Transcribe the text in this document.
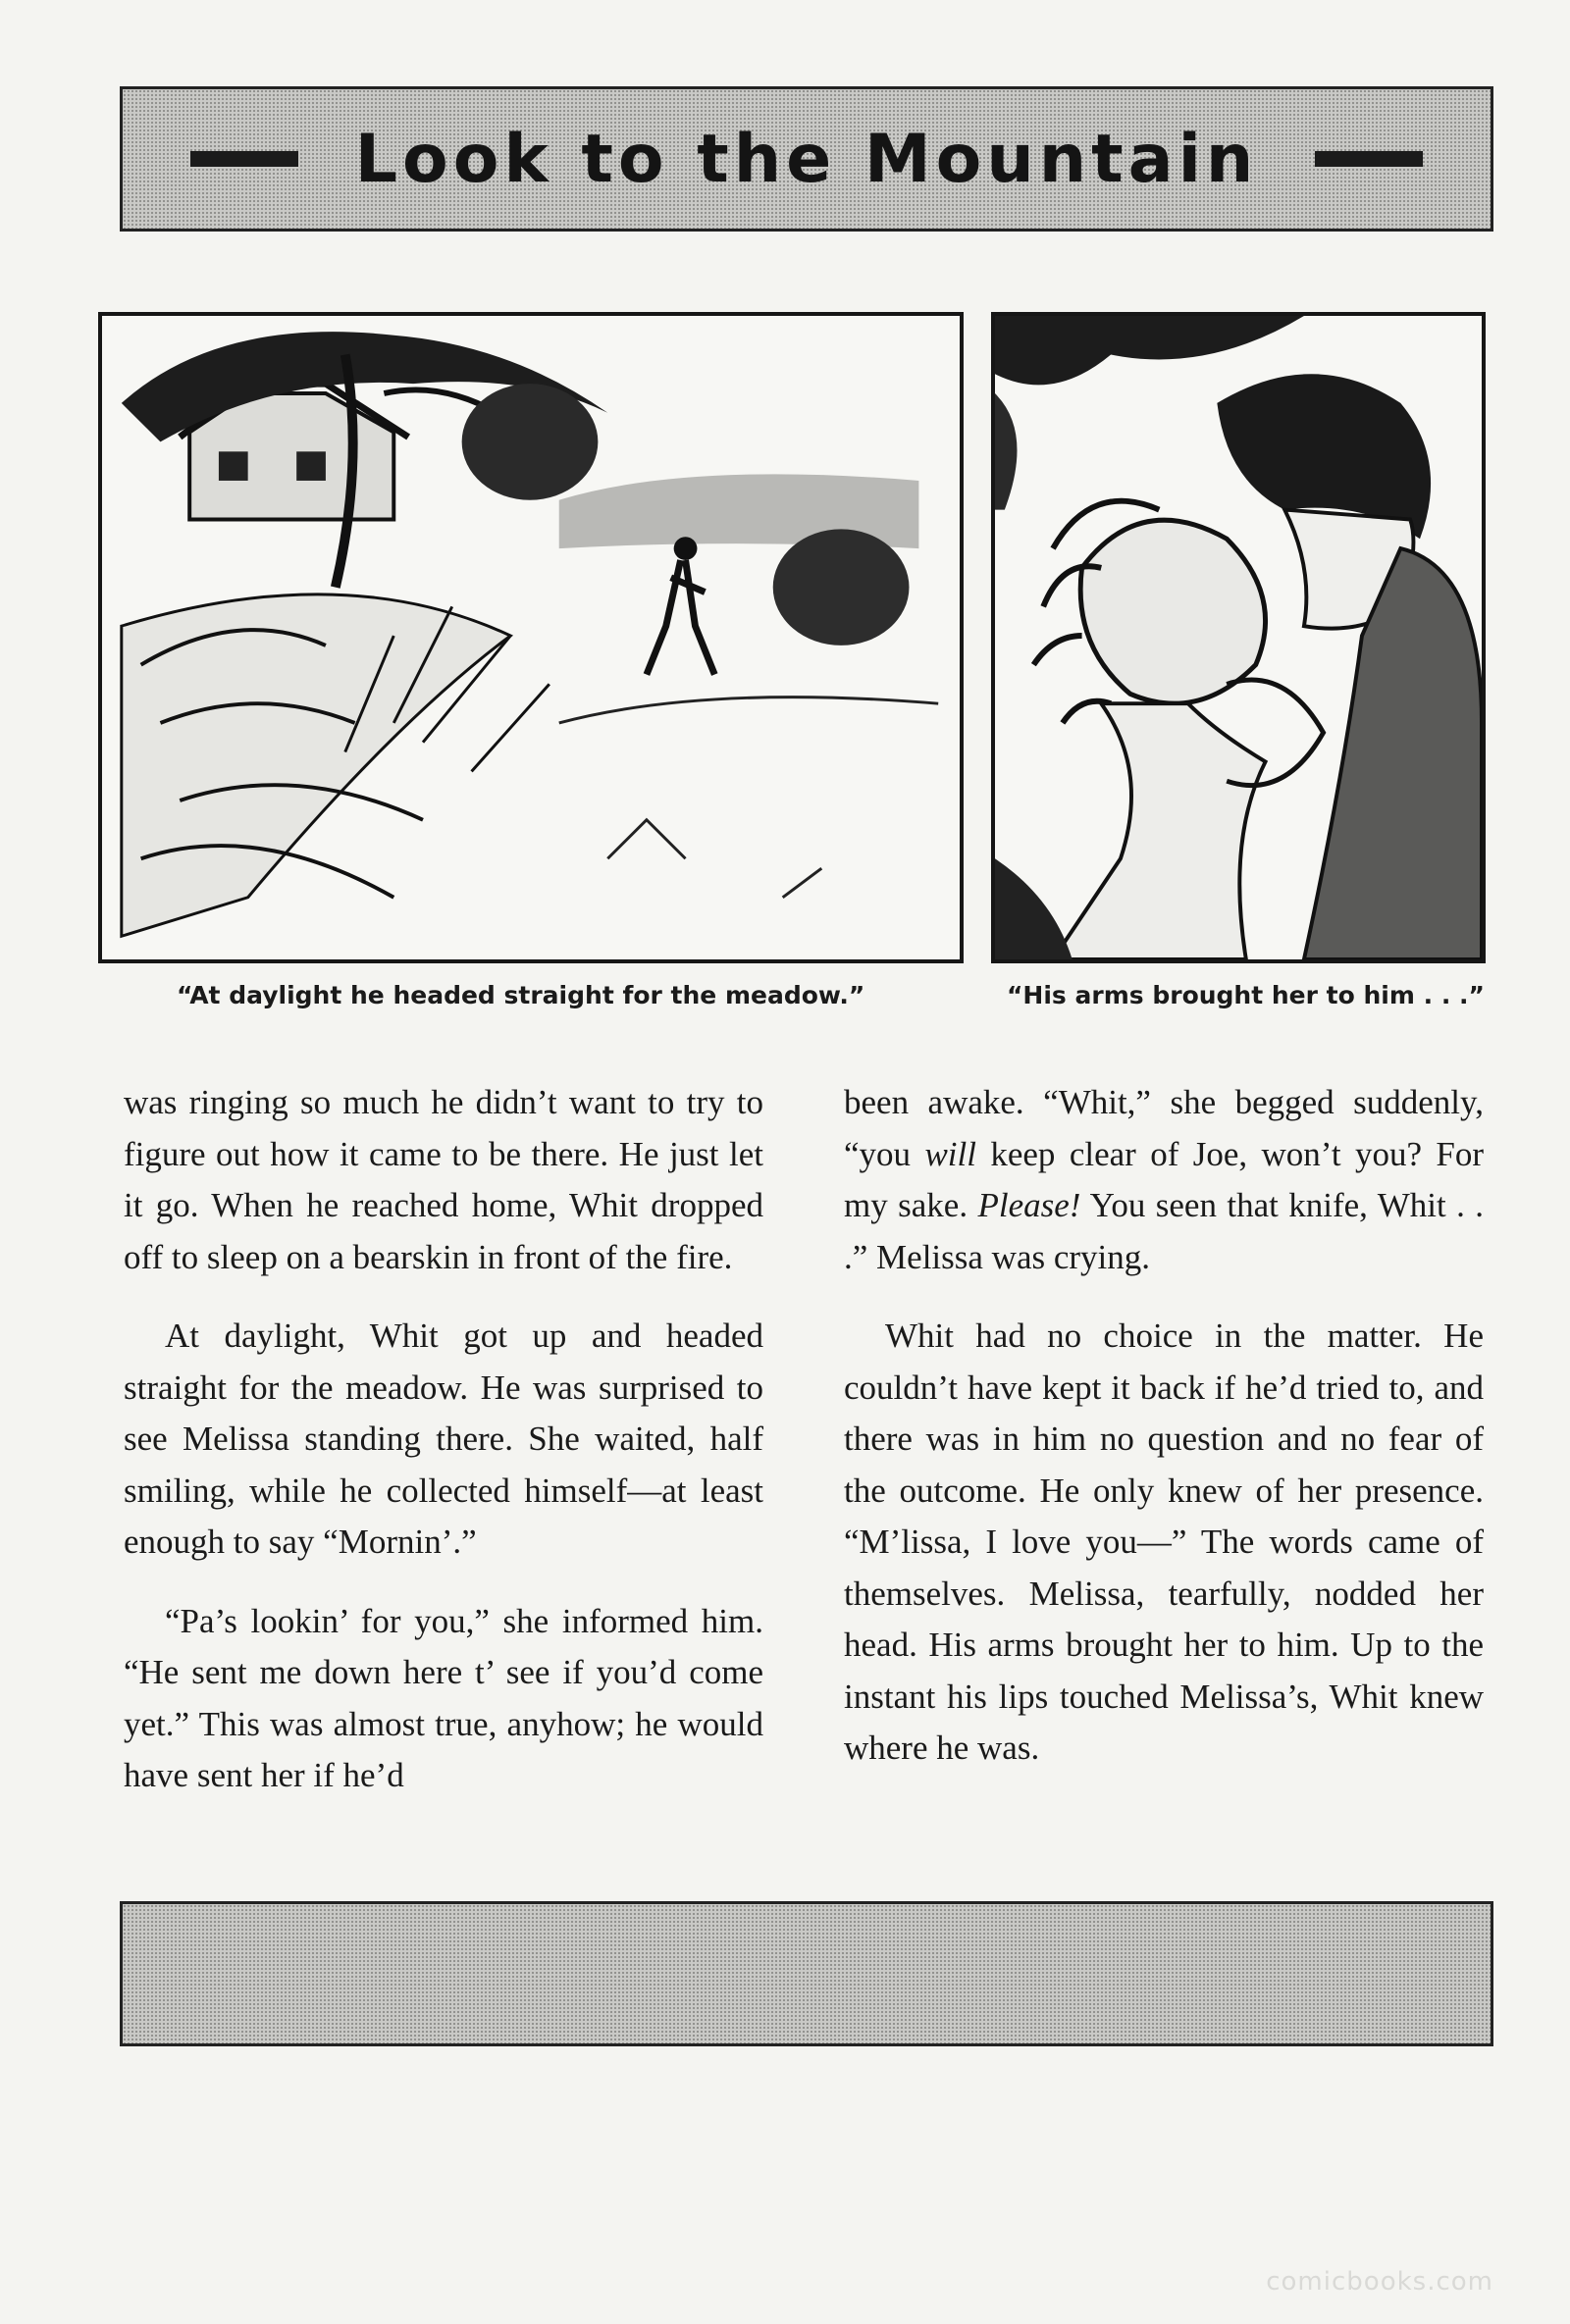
Look to the Mountain
“At daylight he headed straight for the meadow.”	“His arms brought her to him . . .”

was ringing so much he didn’t want to try to figure out how it came to be there. He just let it go. When he reached home, Whit dropped off to sleep on a bearskin in front of the fire.

At daylight, Whit got up and headed straight for the meadow. He was surprised to see Melissa standing there. She waited, half smiling, while he collected himself—at least enough to say “Mornin’.”

“Pa’s lookin’ for you,” she informed him. “He sent me down here t’ see if you’d come yet.” This was almost true, anyhow; he would have sent her if he’d

been awake. “Whit,” she begged suddenly, “you will keep clear of Joe, won’t you? For my sake. Please! You seen that knife, Whit . . .” Melissa was crying.

Whit had no choice in the matter. He couldn’t have kept it back if he’d tried to, and there was in him no question and no fear of the outcome. He only knew of her presence. “M’lissa, I love you—” The words came of themselves. Melissa, tearfully, nodded her head. His arms brought her to him. Up to the instant his lips touched Melissa’s, Whit knew where he was.

comicbooks.com
